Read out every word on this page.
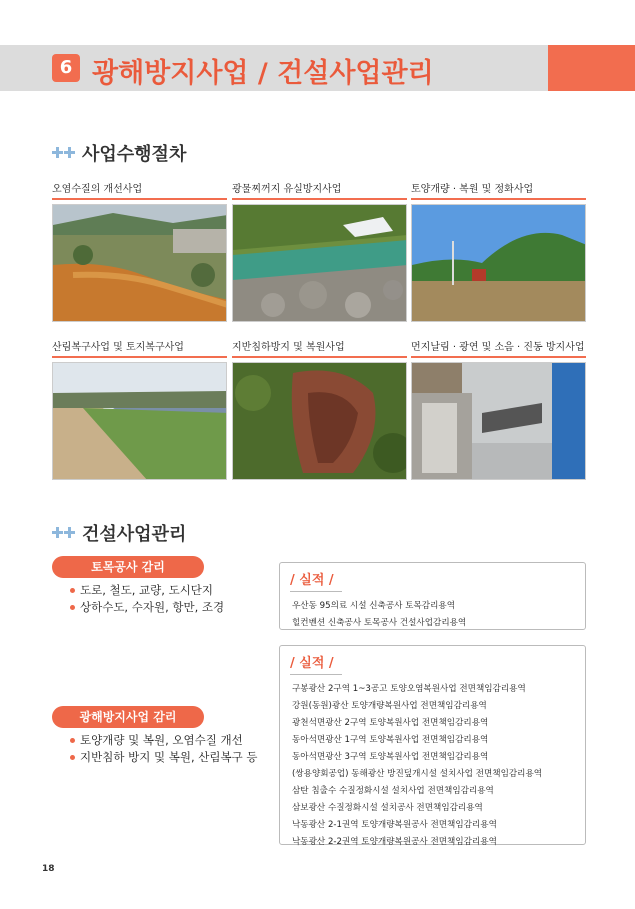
6 광해방지사업 / 건설사업관리
사업수행절차
오염수질의 개선사업	광물찌꺼지 유실방지사업	토양개량 · 복원 및 정화사업
산림복구사업 및 토지복구사업	지반침하방지 및 복원사업	먼지날림 · 광연 및 소음 · 진동 방지사업
건설사업관리
토목공사 감리
도로, 철도, 교량, 도시단지
상하수도, 수자원, 항만, 조경
/ 실적 /
우산동 95의료 시설 신축공사 토목감리용역
힐컨벤션 신축공사 토목공사 건설사업감리용역
광해방지사업 감리
토양개량 및 복원, 오염수질 개선
지반침하 방지 및 복원, 산림복구 등
/ 실적 /
구봉광산 2구역 1~3공고 토양오염복원사업 전면책임감리용역
강원(동원)광산 토양개량복원사업 전면책임감리용역
광천석면광산 2구역 토양복원사업 전면책임감리용역
동아석면광산 1구역 토양복원사업 전면책임감리용역
동아석면광산 3구역 토양복원사업 전면책임감리용역
(쌍용양회공업) 동해광산 방진덮개시설 설치사업 전면책임감리용역
삼탄 침출수 수질정화시설 설치사업 전면책임감리용역
삼보광산 수질정화시설 설치공사 전면책임감리용역
낙동광산 2-1권역 토양개량복원공사 전면책임감리용역
낙동광산 2-2권역 토양개량복원공사 전면책임감리용역
18
